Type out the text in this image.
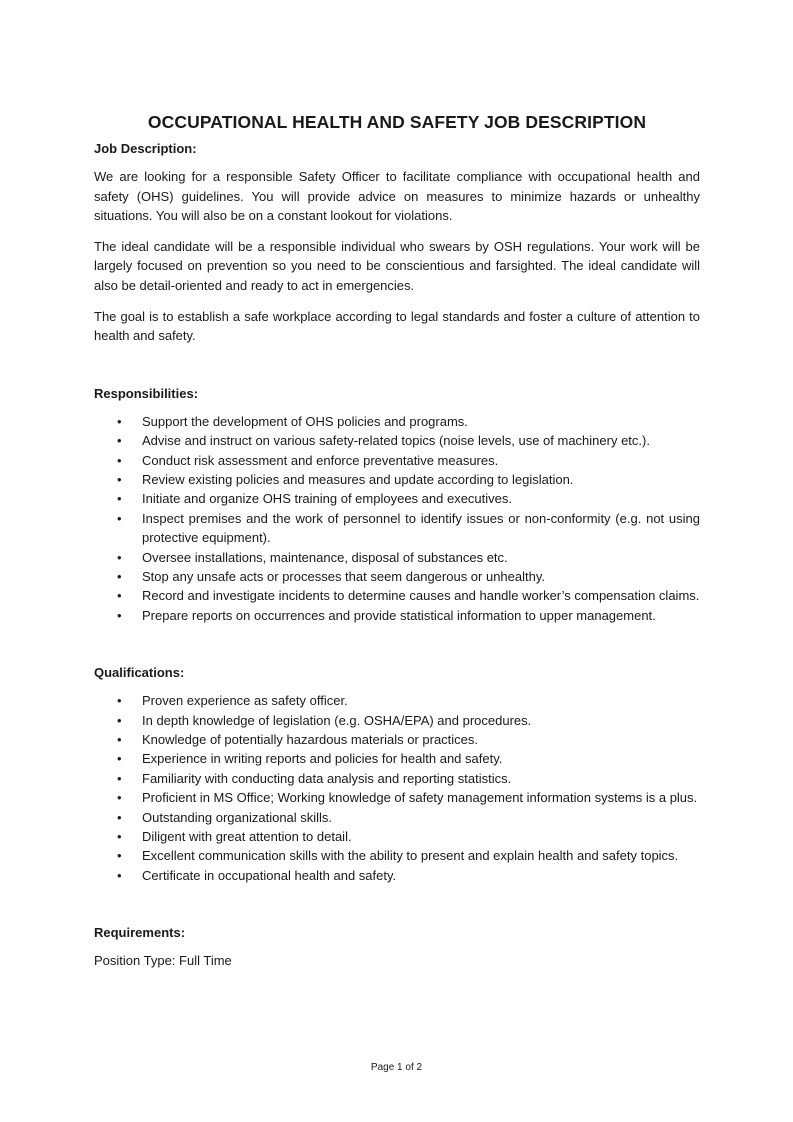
OCCUPATIONAL HEALTH AND SAFETY JOB DESCRIPTION

Job Description:

We are looking for a responsible Safety Officer to facilitate compliance with occupational health and safety (OHS) guidelines. You will provide advice on measures to minimize hazards or unhealthy situations. You will also be on a constant lookout for violations.

The ideal candidate will be a responsible individual who swears by OSH regulations. Your work will be largely focused on prevention so you need to be conscientious and farsighted. The ideal candidate will also be detail-oriented and ready to act in emergencies.

The goal is to establish a safe workplace according to legal standards and foster a culture of attention to health and safety.

Responsibilities:

• Support the development of OHS policies and programs.
• Advise and instruct on various safety-related topics (noise levels, use of machinery etc.).
• Conduct risk assessment and enforce preventative measures.
• Review existing policies and measures and update according to legislation.
• Initiate and organize OHS training of employees and executives.
• Inspect premises and the work of personnel to identify issues or non-conformity (e.g. not using protective equipment).
• Oversee installations, maintenance, disposal of substances etc.
• Stop any unsafe acts or processes that seem dangerous or unhealthy.
• Record and investigate incidents to determine causes and handle worker’s compensation claims.
• Prepare reports on occurrences and provide statistical information to upper management.

Qualifications:

• Proven experience as safety officer.
• In depth knowledge of legislation (e.g. OSHA/EPA) and procedures.
• Knowledge of potentially hazardous materials or practices.
• Experience in writing reports and policies for health and safety.
• Familiarity with conducting data analysis and reporting statistics.
• Proficient in MS Office; Working knowledge of safety management information systems is a plus.
• Outstanding organizational skills.
• Diligent with great attention to detail.
• Excellent communication skills with the ability to present and explain health and safety topics.
• Certificate in occupational health and safety.

Requirements:

Position Type: Full Time

Page 1 of 2
